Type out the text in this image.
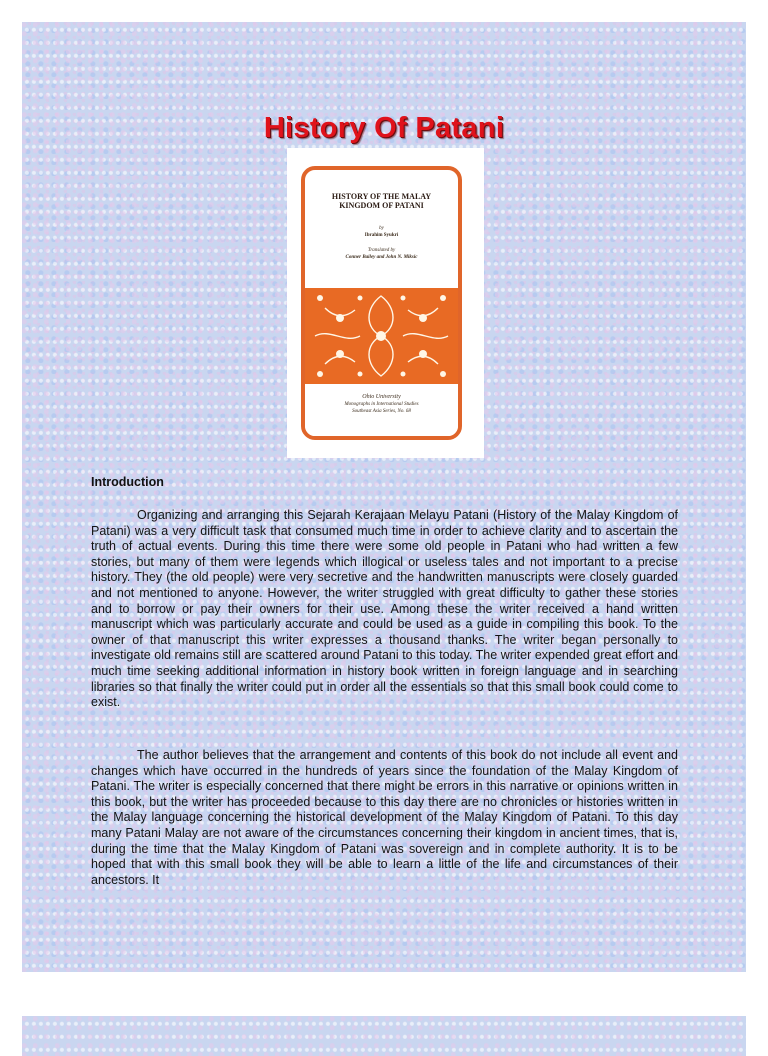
History Of Patani
HISTORY OF THE MALAY KINGDOM OF PATANI
by
Ibrahim Syukri
Translated by
Conner Bailey and John N. Miksic
Ohio University
Monographs in International Studies
Southeast Asia Series, No. 68
Introduction
Organizing and arranging this Sejarah Kerajaan Melayu Patani (History of the Malay Kingdom of Patani) was a very difficult task that consumed much time in order to achieve clarity and to ascertain the truth of actual events. During this time there were some old people in Patani who had written a few stories, but many of them were legends which illogical or useless tales and not important to a precise history. They (the old people) were very secretive and the handwritten manuscripts were closely guarded and not mentioned to anyone. However, the writer struggled with great difficulty to gather these stories and to borrow or pay their owners for their use. Among these the writer received a hand written manuscript which was particularly accurate and could be used as a guide in compiling this book. To the owner of that manuscript this writer expresses a thousand thanks. The writer began personally to investigate old remains still are scattered around Patani to this today. The writer expended great effort and much time seeking additional information in history book written in foreign language and in searching libraries so that finally the writer could put in order all the essentials so that this small book could come to exist.
The author believes that the arrangement and contents of this book do not include all event and changes which have occurred in the hundreds of years since the foundation of the Malay Kingdom of Patani. The writer is especially concerned that there might be errors in this narrative or opinions written in this book, but the writer has proceeded because to this day there are no chronicles or histories written in the Malay language concerning the historical development of the Malay Kingdom of Patani. To this day many Patani Malay are not aware of the circumstances concerning their kingdom in ancient times, that is, during the time that the Malay Kingdom of Patani was sovereign and in complete authority. It is to be hoped that with this small book they will be able to learn a little of the life and circumstances of their ancestors. It
